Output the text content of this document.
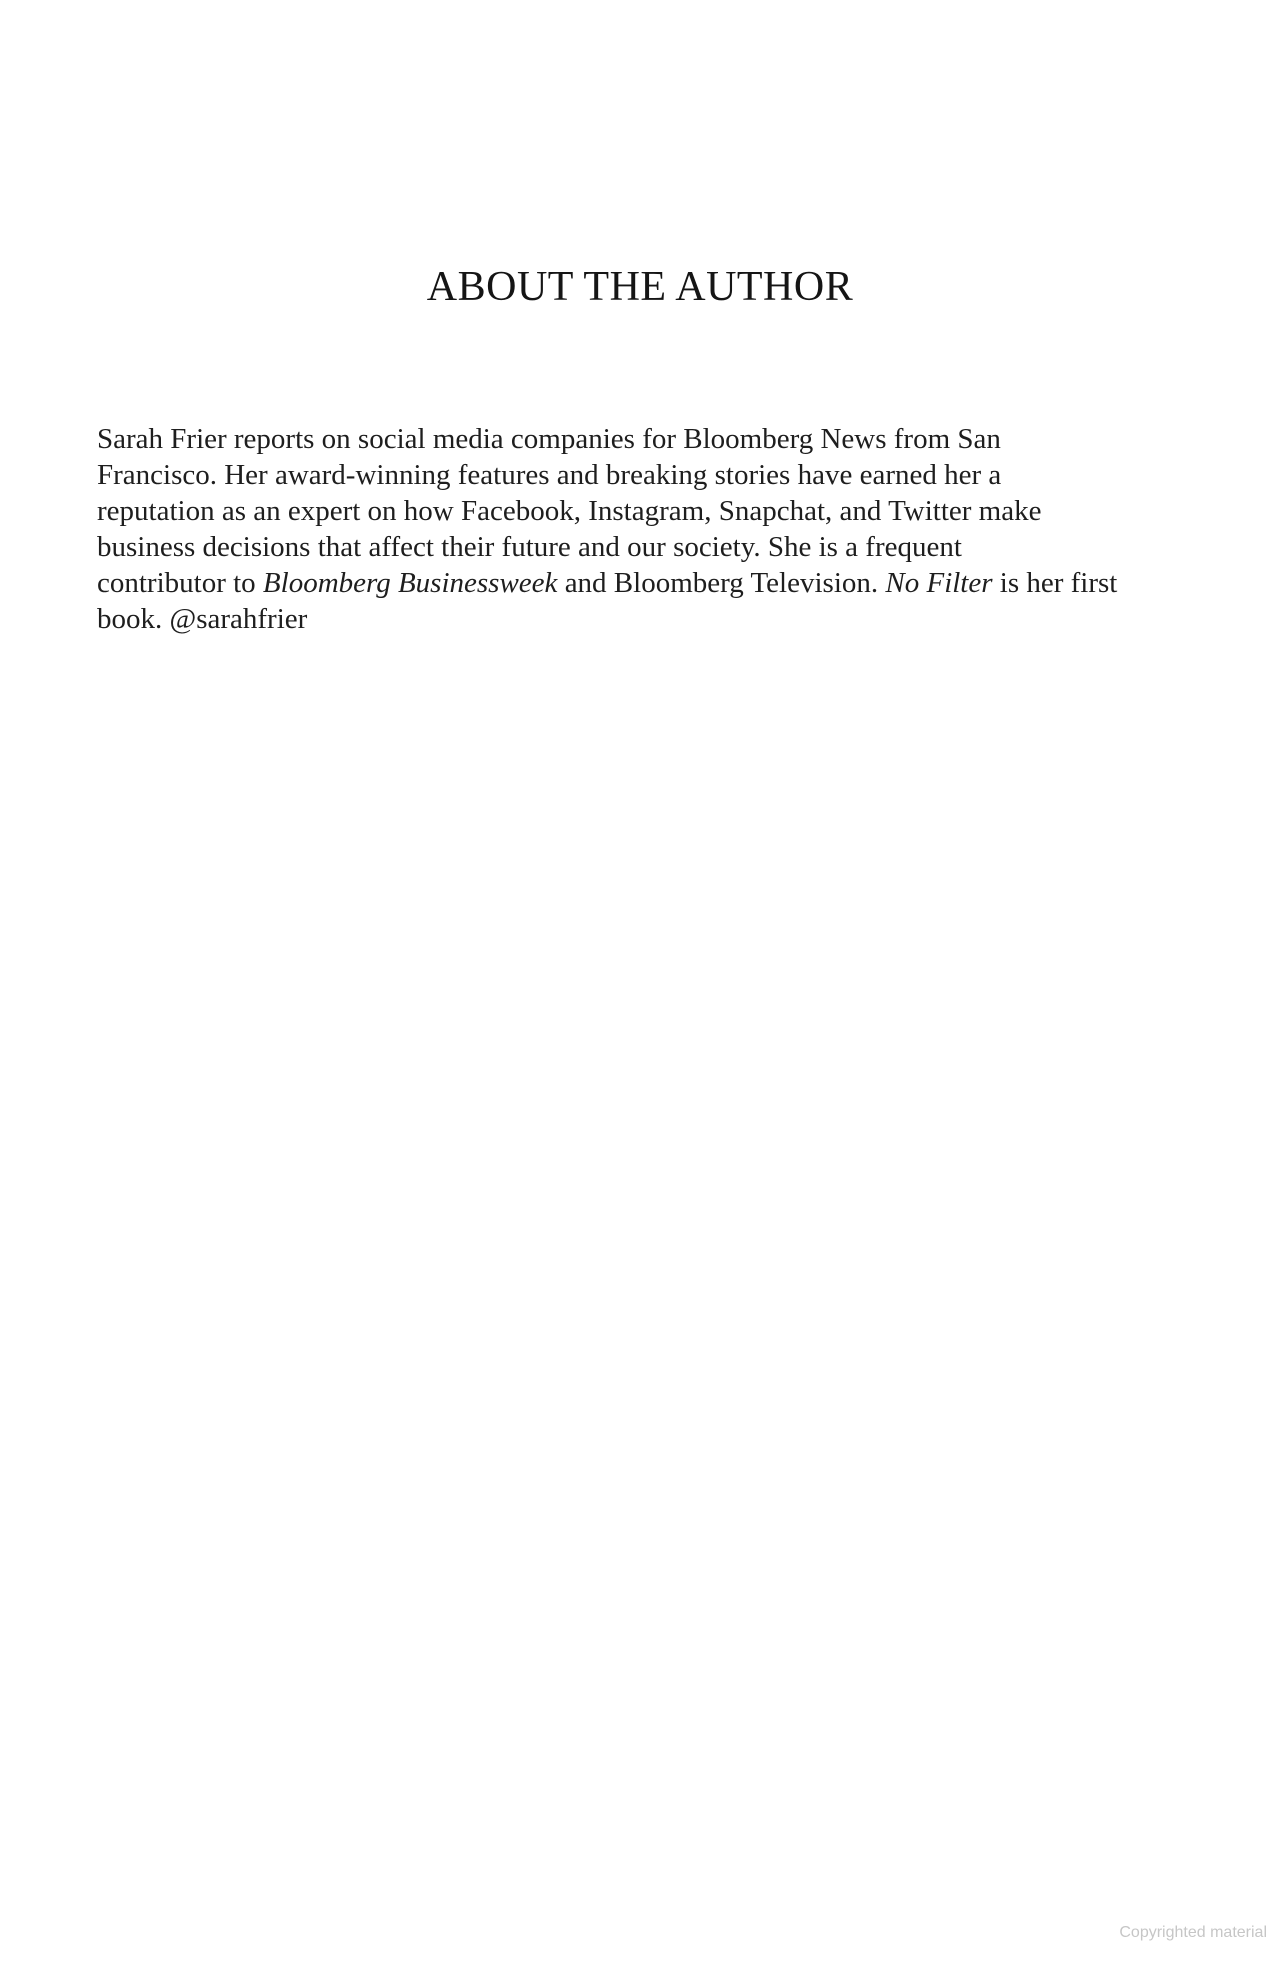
ABOUT THE AUTHOR
Sarah Frier reports on social media companies for Bloomberg News from San
Francisco. Her award-winning features and breaking stories have earned her a
reputation as an expert on how Facebook, Instagram, Snapchat, and Twitter make
business decisions that affect their future and our society. She is a frequent
contributor to Bloomberg Businessweek and Bloomberg Television. No Filter is her first
book. @sarahfrier
Copyrighted material
